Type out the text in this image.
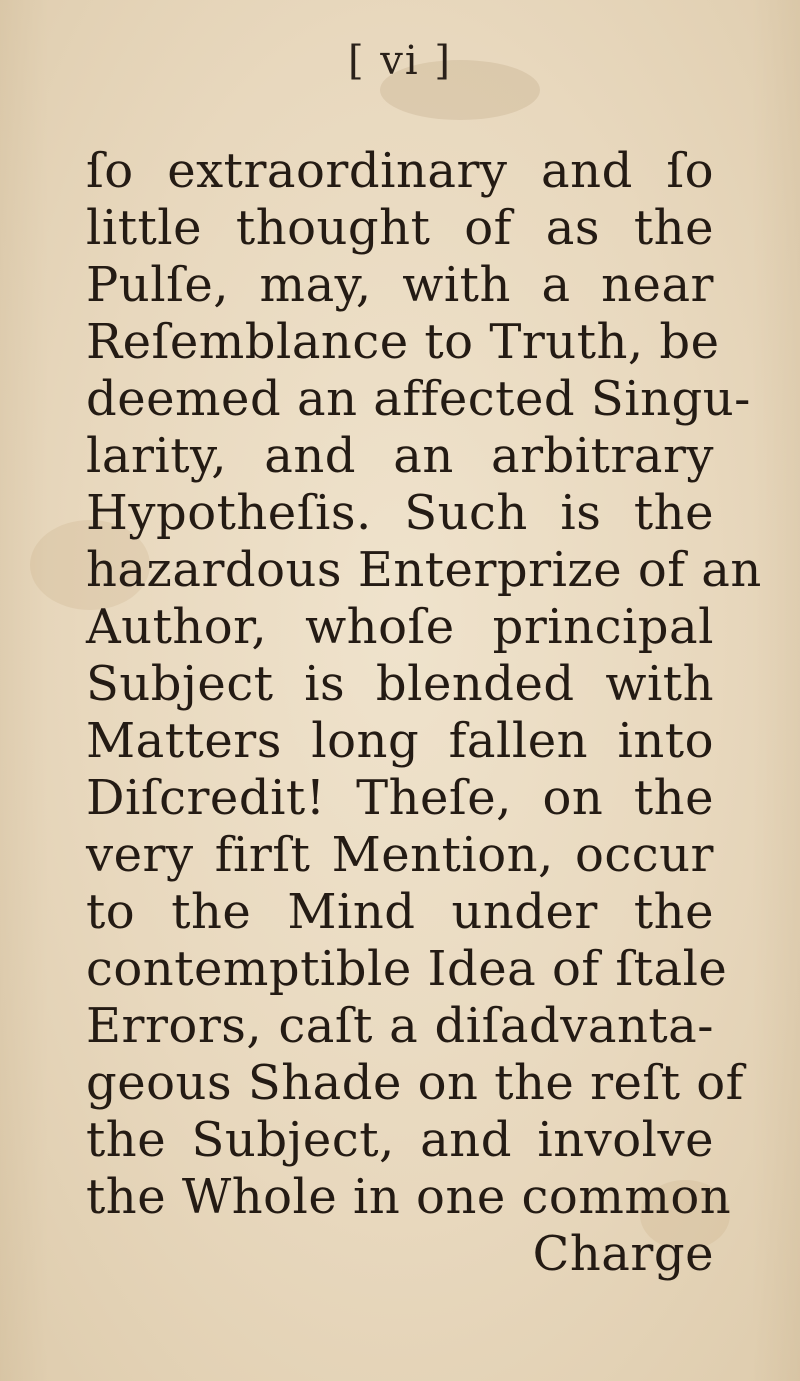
[ vi ]
ſo extraordinary and ſo
little thought of as the
Pulſe, may, with a near
Reſemblance to Truth, be
deemed an affected Singu-
larity, and an arbitrary
Hypotheſis. Such is the
hazardous Enterprize of an
Author, whoſe principal
Subject is blended with
Matters long fallen into
Diſcredit! Theſe, on the
very firſt Mention, occur
to the Mind under the
contemptible Idea of ſtale
Errors, caſt a diſadvanta-
geous Shade on the reſt of
the Subject, and involve
the Whole in one common
Charge
